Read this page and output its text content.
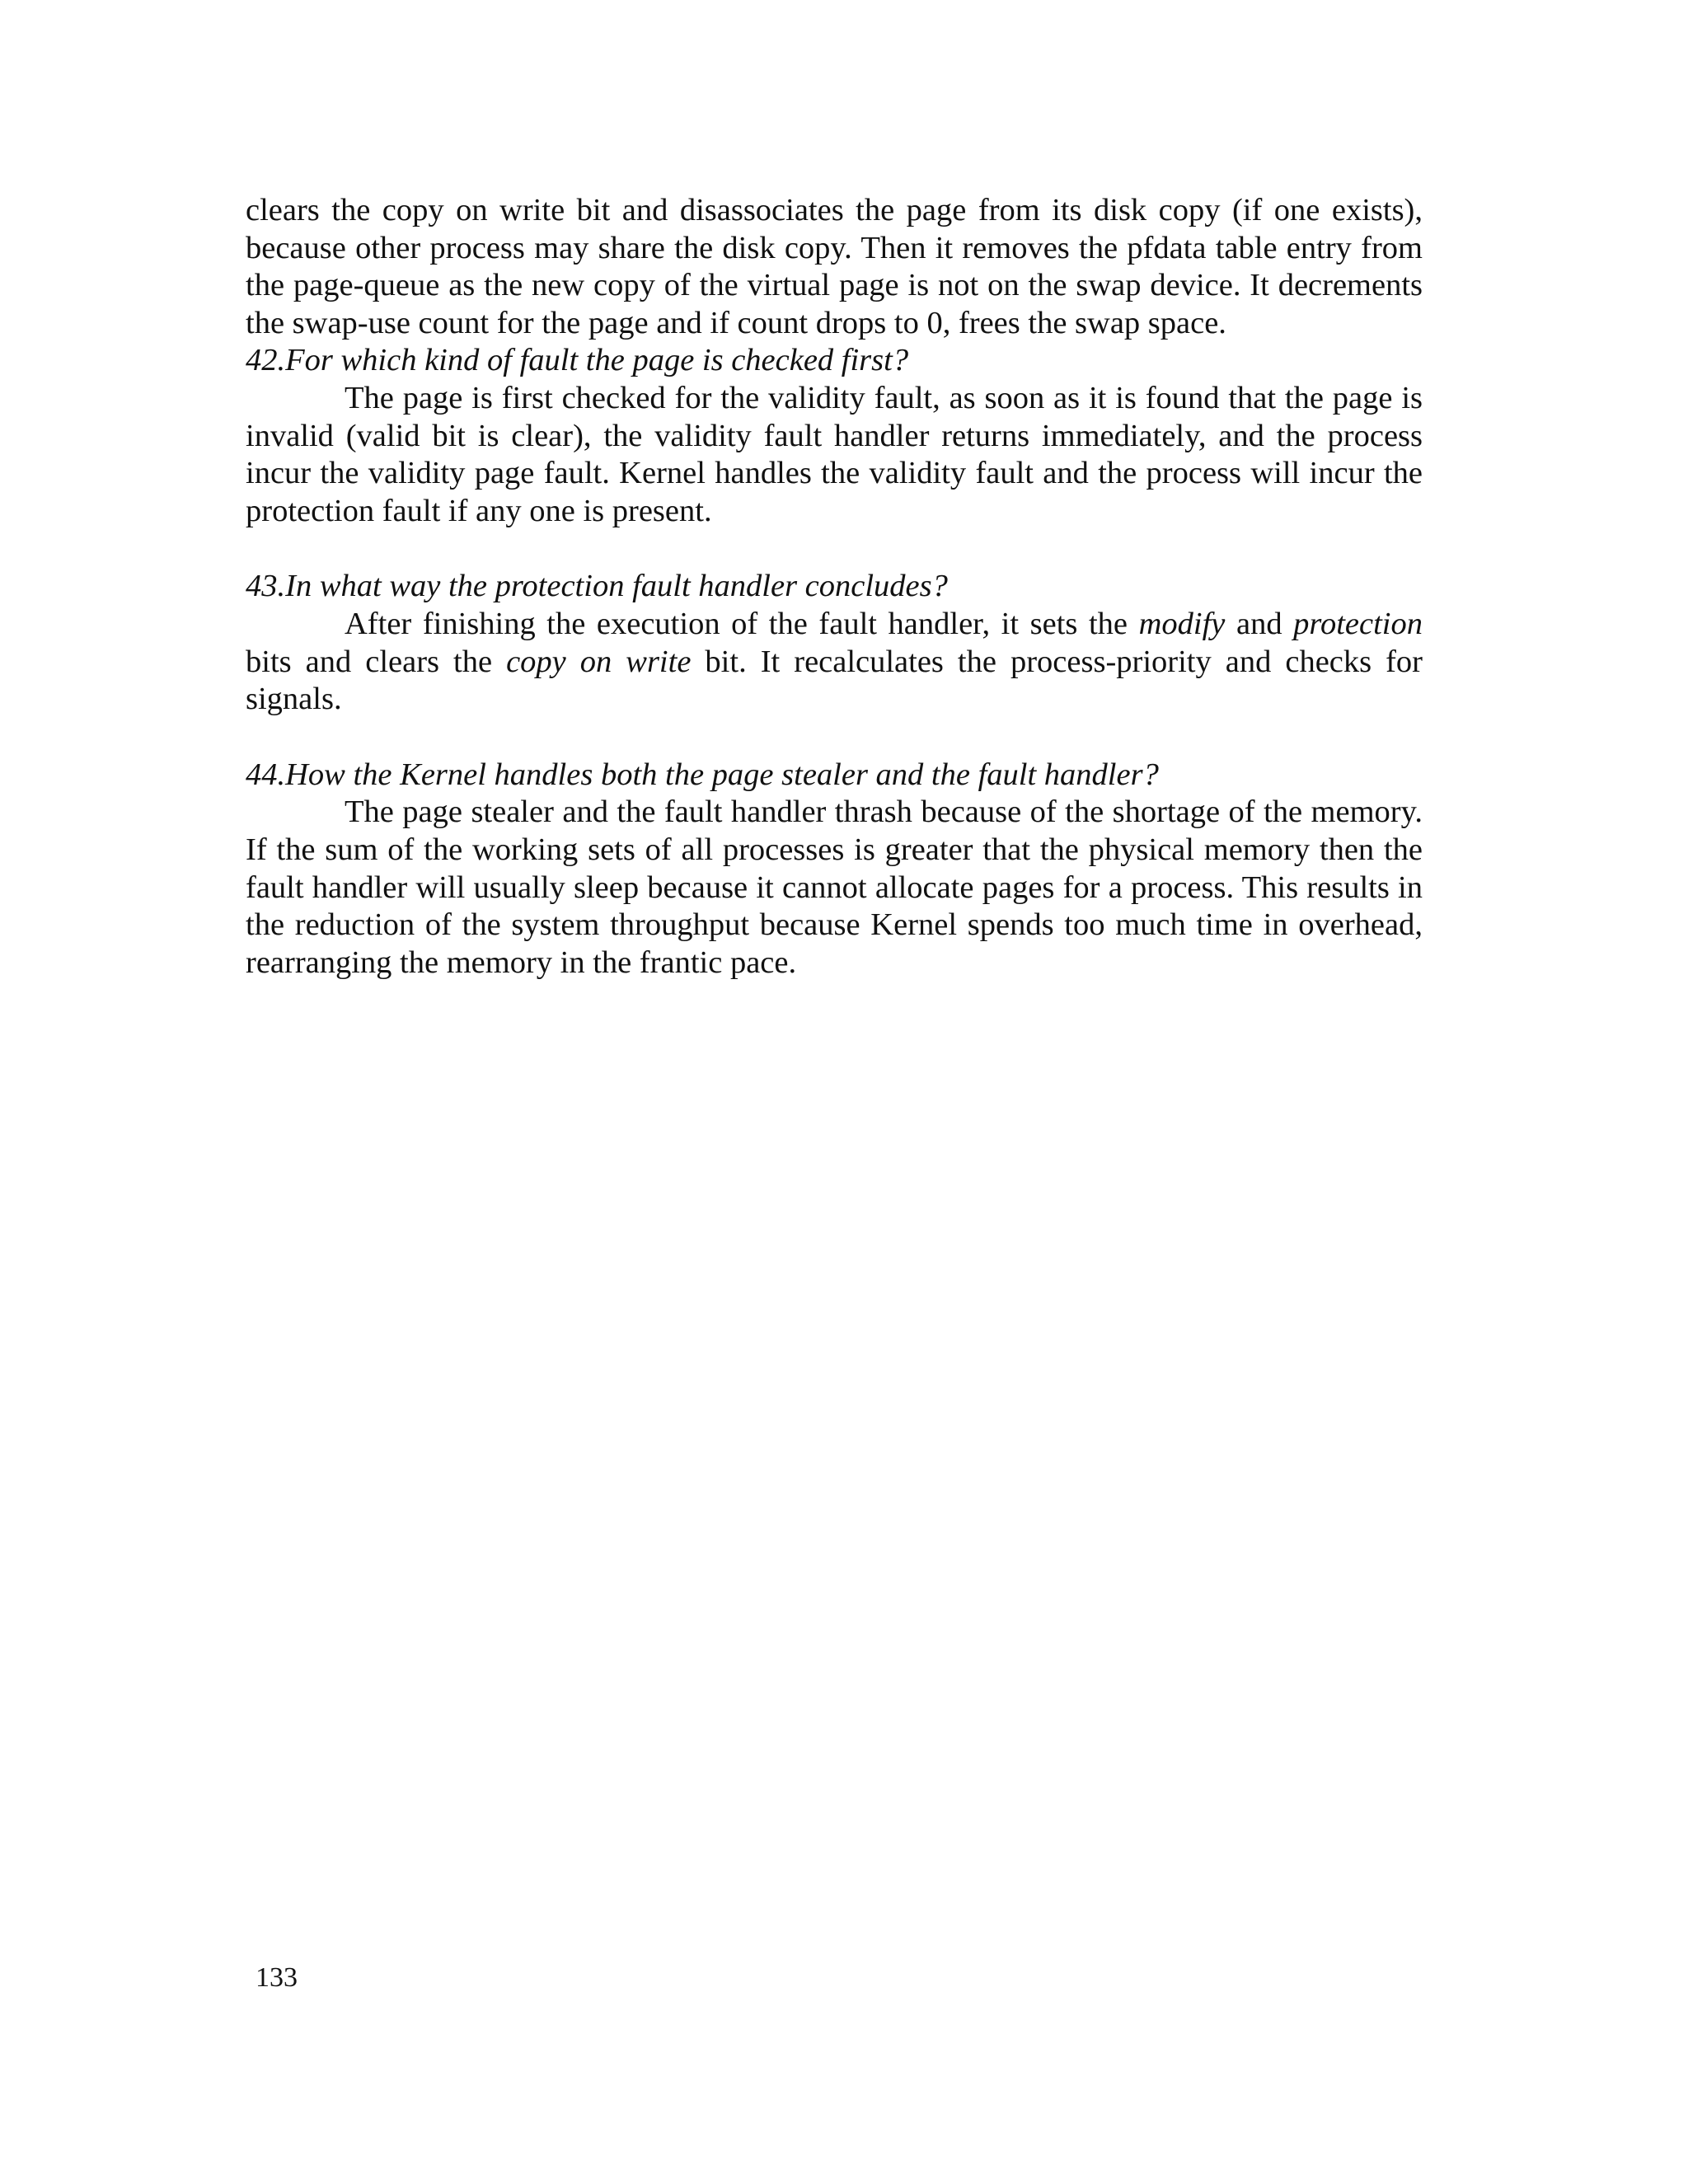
clears the copy on write bit and disassociates the page from its disk copy (if one exists), because other process may share the disk copy. Then it removes the pfdata table entry from the page-queue as the new copy of the virtual page is not on the swap device. It decrements the swap-use count for the page and if count drops to 0, frees the swap space.

42.For which kind of fault the page is checked first?

The page is first checked for the validity fault, as soon as it is found that the page is invalid (valid bit is clear), the validity fault handler returns immediately, and the process incur the validity page fault. Kernel handles the validity fault and the process will incur the protection fault if any one is present.

43.In what way the protection fault handler concludes?

After finishing the execution of the fault handler, it sets the modify and protection bits and clears the copy on write bit. It recalculates the process-priority and checks for signals.

44.How the Kernel handles both the page stealer and the fault handler?

The page stealer and the fault handler thrash because of the shortage of the memory. If the sum of the working sets of all processes is greater that the physical memory then the fault handler will usually sleep because it cannot allocate pages for a process. This results in the reduction of the system throughput because Kernel spends too much time in overhead, rearranging the memory in the frantic pace.

133
